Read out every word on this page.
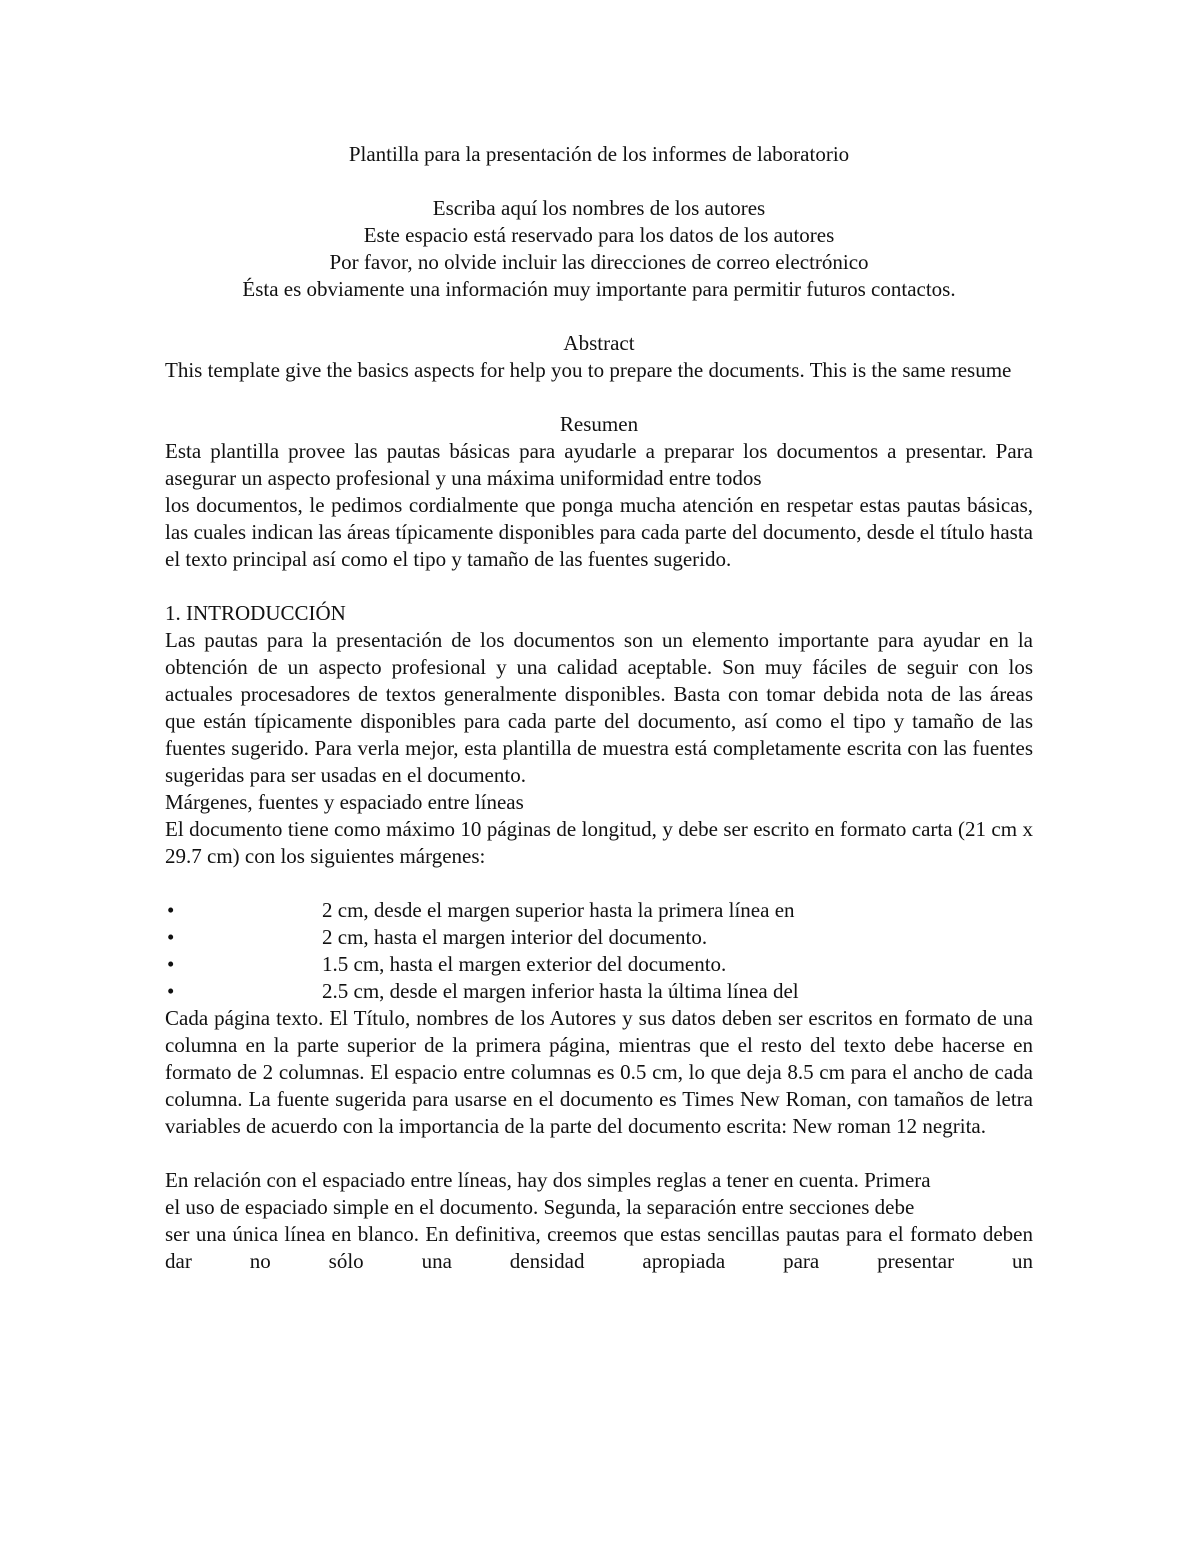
Plantilla para la presentación de los informes de laboratorio

Escriba aquí los nombres de los autores

Este espacio está reservado para los datos de los autores

Por favor, no olvide incluir las direcciones de correo electrónico

Ésta es obviamente una información muy importante para permitir futuros contactos.

Abstract

This template give the basics aspects for help you to prepare the documents. This is the same resume

Resumen

Esta plantilla provee las pautas básicas para ayudarle a preparar los documentos a presentar. Para asegurar un aspecto profesional y una máxima uniformidad entre todos

los documentos, le pedimos cordialmente que ponga mucha atención en respetar estas pautas básicas, las cuales indican las áreas típicamente disponibles para cada parte del documento, desde el título hasta el texto principal así como el tipo y tamaño de las fuentes sugerido.

1. INTRODUCCIÓN

Las pautas para la presentación de los documentos son un elemento importante para ayudar en la obtención de un aspecto profesional y una calidad aceptable. Son muy fáciles de seguir con los actuales procesadores de textos generalmente disponibles. Basta con tomar debida nota de las áreas que están típicamente disponibles para cada parte del documento, así como el tipo y tamaño de las fuentes sugerido. Para verla mejor, esta plantilla de muestra está completamente escrita con las fuentes sugeridas para ser usadas en el documento.

Márgenes, fuentes y espaciado entre líneas

El documento tiene como máximo 10 páginas de longitud, y debe ser escrito en formato carta (21 cm x 29.7 cm) con los siguientes márgenes:

•	2 cm, desde el margen superior hasta la primera línea en
•	2 cm, hasta el margen interior del documento.
•	1.5 cm, hasta el margen exterior del documento.
•	2.5 cm, desde el margen inferior hasta la última línea del

Cada página texto. El Título, nombres de los Autores y sus datos deben ser escritos en formato de una columna en la parte superior de la primera página, mientras que el resto del texto debe hacerse en formato de 2 columnas. El espacio entre columnas es 0.5 cm, lo que deja 8.5 cm para el ancho de cada columna. La fuente sugerida para usarse en el documento es Times New Roman, con tamaños de letra variables de acuerdo con la importancia de la parte del documento escrita: New roman 12 negrita.

En relación con el espaciado entre líneas, hay dos simples reglas a tener en cuenta. Primera

el uso de espaciado simple en el documento. Segunda, la separación entre secciones debe

ser una única línea en blanco. En definitiva, creemos que estas sencillas pautas para el formato deben dar no sólo una densidad apropiada para presentar un
